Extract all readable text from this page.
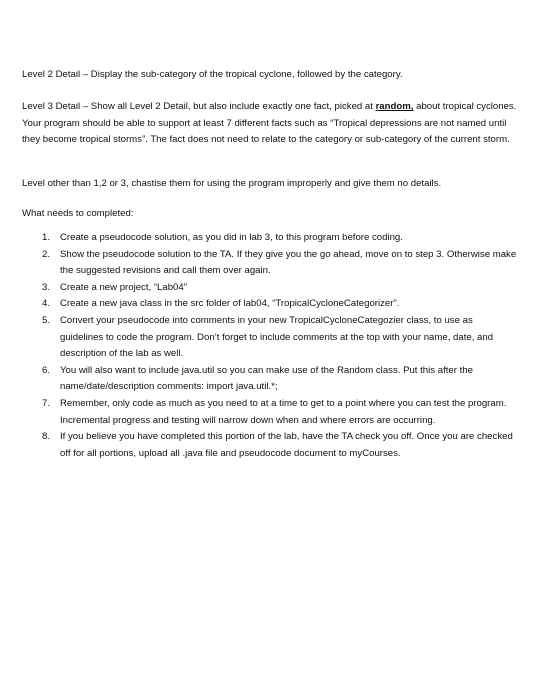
Level 2 Detail – Display the sub-category of the tropical cyclone, followed by the category.

Level 3 Detail – Show all Level 2 Detail, but also include exactly one fact, picked at random, about tropical cyclones. Your program should be able to support at least 7 different facts such as “Tropical depressions are not named until they become tropical storms”. The fact does not need to relate to the category or sub-category of the current storm.

Level other than 1,2 or 3, chastise them for using the program improperly and give them no details.

What needs to completed:

1. Create a pseudocode solution, as you did in lab 3, to this program before coding.
2. Show the pseudocode solution to the TA. If they give you the go ahead, move on to step 3. Otherwise make the suggested revisions and call them over again.
3. Create a new project, “Lab04”
4. Create a new java class in the src folder of lab04, “TropicalCycloneCategorizer”.
5. Convert your pseudocode into comments in your new TropicalCycloneCategozier class, to use as guidelines to code the program. Don’t forget to include comments at the top with your name, date, and description of the lab as well.
6. You will also want to include java.util so you can make use of the Random class. Put this after the name/date/description comments: import java.util.*;
7. Remember, only code as much as you need to at a time to get to a point where you can test the program. Incremental progress and testing will narrow down when and where errors are occurring.
8. If you believe you have completed this portion of the lab, have the TA check you off. Once you are checked off for all portions, upload all .java file and pseudocode document to myCourses.
